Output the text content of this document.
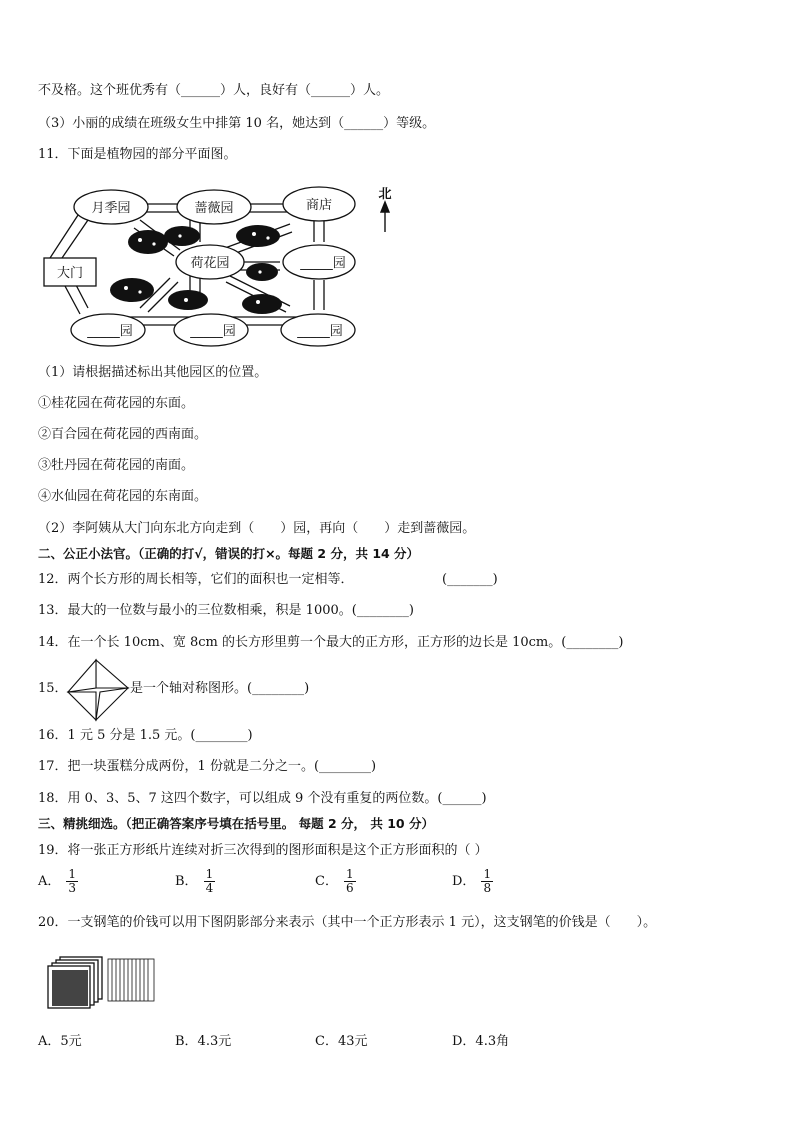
不及格。这个班优秀有（______）人，良好有（______）人。
（3）小丽的成绩在班级女生中排第 10 名，她达到（______）等级。
11．下面是植物园的部分平面图。
月季园	蔷薇园	商店
荷花园	_____园
_____园	_____园	_____园
大门
北
（1）请根据描述标出其他园区的位置。
①桂花园在荷花园的东面。
②百合园在荷花园的西南面。
③牡丹园在荷花园的南面。
④水仙园在荷花园的东南面。
（2）李阿姨从大门向东北方向走到（　　）园，再向（　　）走到蔷薇园。
二、公正小法官。（正确的打√，错误的打×。每题 2 分，共 14 分）
12．两个长方形的周长相等，它们的面积也一定相等．	(_______)
13．最大的一位数与最小的三位数相乘，积是 1000。(________)
14．在一个长 10cm、宽 8cm 的长方形里剪一个最大的正方形，正方形的边长是 10cm。(________)
15．	是一个轴对称图形。(________)
16．1 元 5 分是 1.5 元。(________)
17．把一块蛋糕分成两份，1 份就是二分之一。(________)
18．用 0、3、5、7 这四个数字，可以组成 9 个没有重复的两位数。(______)
三、精挑细选。（把正确答案序号填在括号里。 每题 2 分， 共 10 分）
19．将一张正方形纸片连续对折三次得到的图形面积是这个正方形面积的（ ）
A． $\frac{1}{3}$	B． $\frac{1}{4}$	C． $\frac{1}{6}$	D． $\frac{1}{8}$
20．一支钢笔的价钱可以用下图阴影部分来表示（其中一个正方形表示 1 元），这支钢笔的价钱是（　　）。
A．5元	B．4.3元	C．43元	D．4.3角
